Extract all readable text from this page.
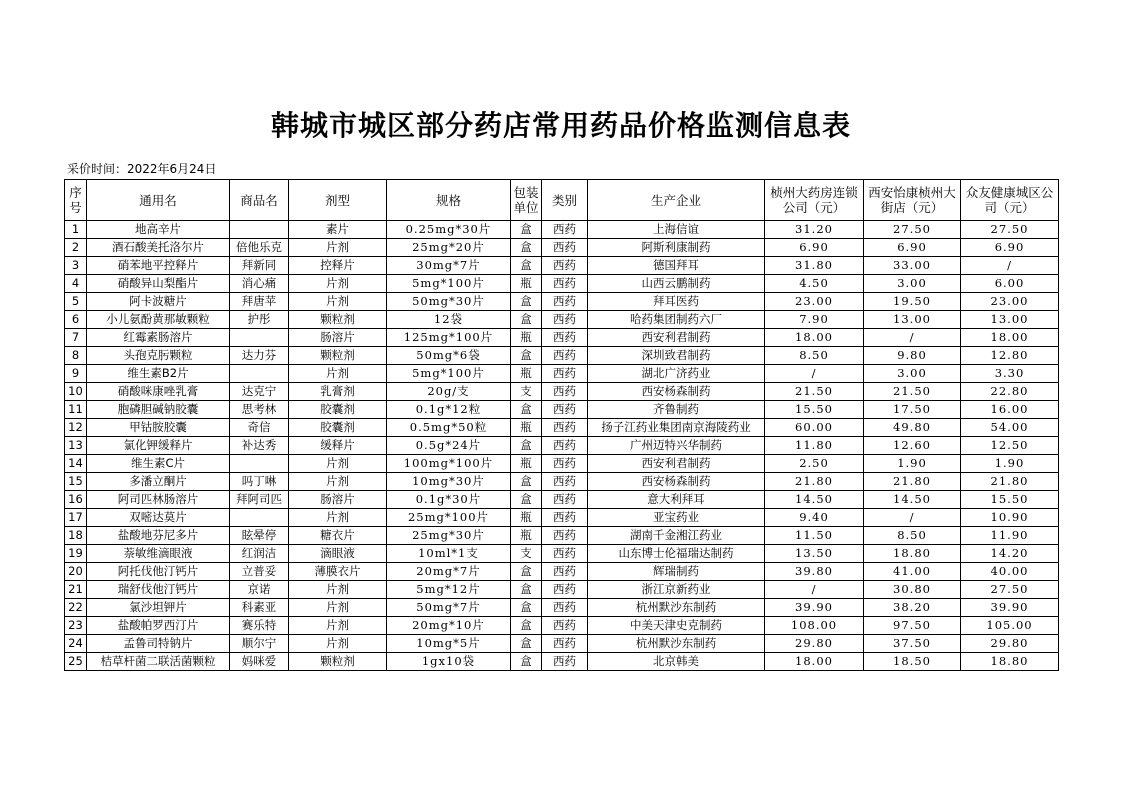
韩城市城区部分药店常用药品价格监测信息表
采价时间：2022年6月24日
序号	通用名	商品名	剂型	规格	包装单位	类别	生产企业	桢州大药房连锁公司（元）	西安怡康桢州大街店（元）	众友健康城区公司（元）
1	地高辛片		素片	0.25mg*30片	盒	西药	上海信谊	31.20	27.50	27.50
2	酒石酸美托洛尔片	倍他乐克	片剂	25mg*20片	盒	西药	阿斯利康制药	6.90	6.90	6.90
3	硝苯地平控释片	拜新同	控释片	30mg*7片	盒	西药	德国拜耳	31.80	33.00	/
4	硝酸异山梨酯片	消心痛	片剂	5mg*100片	瓶	西药	山西云鹏制药	4.50	3.00	6.00
5	阿卡波糖片	拜唐苹	片剂	50mg*30片	盒	西药	拜耳医药	23.00	19.50	23.00
6	小儿氨酚黄那敏颗粒	护彤	颗粒剂	12袋	盒	西药	哈药集团制药六厂	7.90	13.00	13.00
7	红霉素肠溶片		肠溶片	125mg*100片	瓶	西药	西安利君制药	18.00	/	18.00
8	头孢克肟颗粒	达力芬	颗粒剂	50mg*6袋	盒	西药	深圳致君制药	8.50	9.80	12.80
9	维生素B2片		片剂	5mg*100片	瓶	西药	湖北广济药业	/	3.00	3.30
10	硝酸咪康唑乳膏	达克宁	乳膏剂	20g/支	支	西药	西安杨森制药	21.50	21.50	22.80
11	胞磷胆碱钠胶囊	思考林	胶囊剂	0.1g*12粒	盒	西药	齐鲁制药	15.50	17.50	16.00
12	甲钴胺胶囊	奇信	胶囊剂	0.5mg*50粒	瓶	西药	扬子江药业集团南京海陵药业	60.00	49.80	54.00
13	氯化钾缓释片	补达秀	缓释片	0.5g*24片	盒	西药	广州迈特兴华制药	11.80	12.60	12.50
14	维生素C片		片剂	100mg*100片	瓶	西药	西安利君制药	2.50	1.90	1.90
15	多潘立酮片	吗丁啉	片剂	10mg*30片	盒	西药	西安杨森制药	21.80	21.80	21.80
16	阿司匹林肠溶片	拜阿司匹	肠溶片	0.1g*30片	盒	西药	意大利拜耳	14.50	14.50	15.50
17	双嘧达莫片		片剂	25mg*100片	瓶	西药	亚宝药业	9.40	/	10.90
18	盐酸地芬尼多片	眩晕停	糖衣片	25mg*30片	瓶	西药	湖南千金湘江药业	11.50	8.50	11.90
19	萘敏维滴眼液	红润洁	滴眼液	10ml*1支	支	西药	山东博士伦福瑞达制药	13.50	18.80	14.20
20	阿托伐他汀钙片	立普妥	薄膜衣片	20mg*7片	盒	西药	辉瑞制药	39.80	41.00	40.00
21	瑞舒伐他汀钙片	京诺	片剂	5mg*12片	盒	西药	浙江京新药业	/	30.80	27.50
22	氯沙坦钾片	科素亚	片剂	50mg*7片	盒	西药	杭州默沙东制药	39.90	38.20	39.90
23	盐酸帕罗西汀片	赛乐特	片剂	20mg*10片	盒	西药	中美天津史克制药	108.00	97.50	105.00
24	孟鲁司特钠片	顺尔宁	片剂	10mg*5片	盒	西药	杭州默沙东制药	29.80	37.50	29.80
25	桔草杆菌二联活菌颗粒	妈咪爱	颗粒剂	1gx10袋	盒	西药	北京韩美	18.00	18.50	18.80
